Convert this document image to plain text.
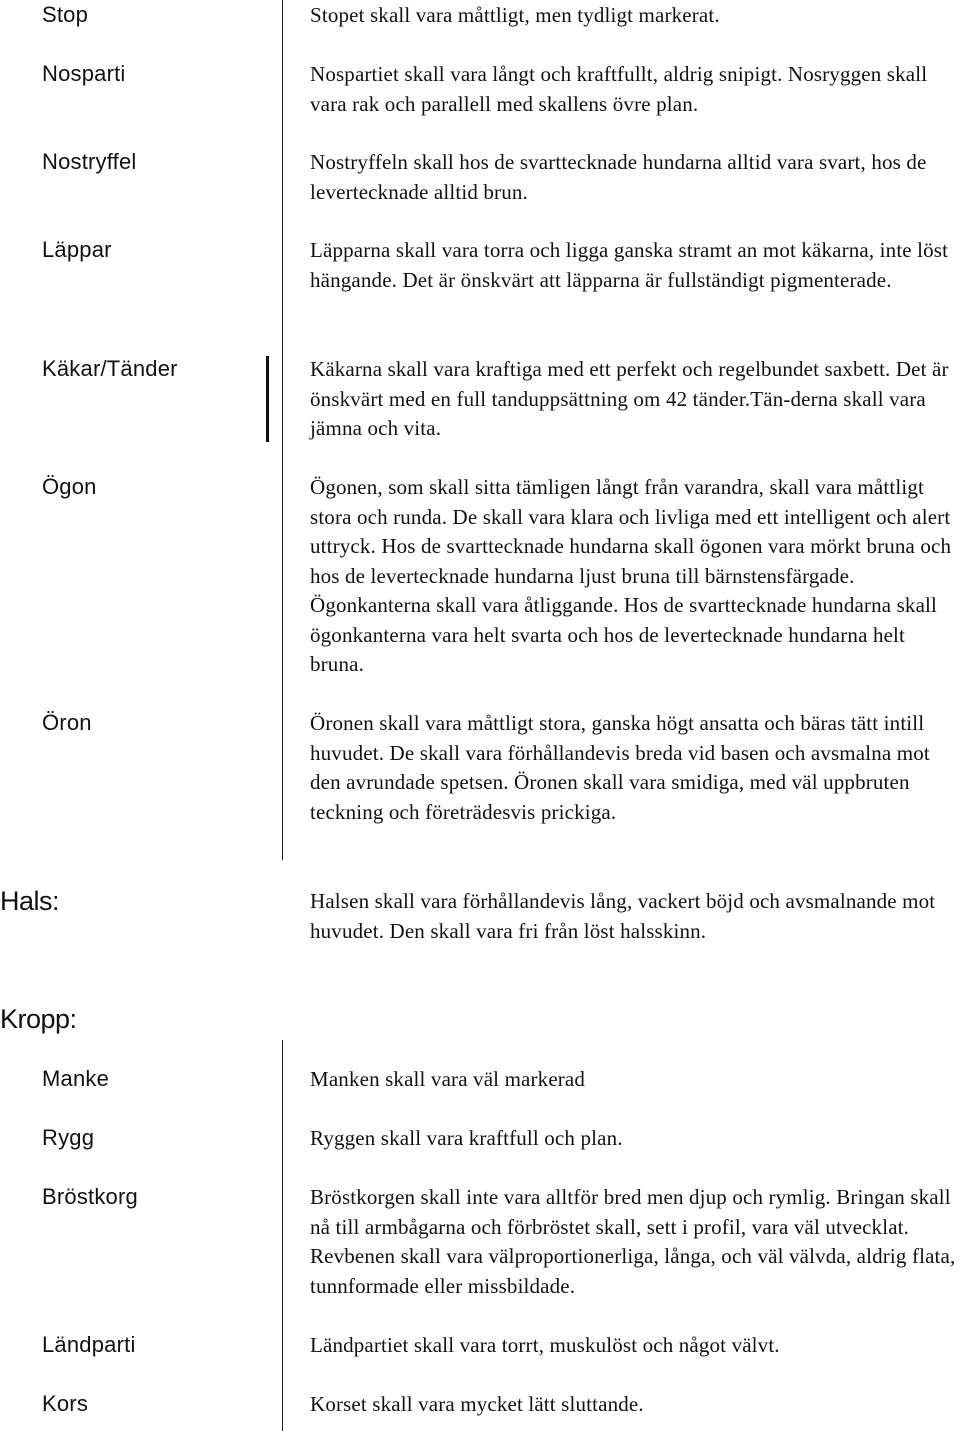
Stop	Stopet skall vara måttligt, men tydligt markerat.
Nosparti	Nospartiet skall vara långt och kraftfullt, aldrig snipigt. Nosryggen skall vara rak och parallell med skallens övre plan.
Nostryffel	Nostryffeln skall hos de svarttecknade hundarna alltid vara svart, hos de levertecknade alltid brun.
Läppar	Läpparna skall vara torra och ligga ganska stramt an mot käkarna, inte löst hängande. Det är önskvärt att läpparna är fullständigt pigmenterade.
Käkar/Tänder	Käkarna skall vara kraftiga med ett perfekt och regelbundet saxbett. Det är önskvärt med en full tanduppsättning om 42 tänder.Tän-derna skall vara jämna och vita.
Ögon	Ögonen, som skall sitta tämligen långt från varandra, skall vara måttligt stora och runda. De skall vara klara och livliga med ett intelligent och alert uttryck. Hos de svarttecknade hundarna skall ögonen vara mörkt bruna och hos de levertecknade hundarna ljust bruna till bärnstensfärgade. Ögonkanterna skall vara åtliggande. Hos de svarttecknade hundarna skall ögonkanterna vara helt svarta och hos de levertecknade hundarna helt bruna.
Öron	Öronen skall vara måttligt stora, ganska högt ansatta och bäras tätt intill huvudet. De skall vara förhållandevis breda vid basen och avsmalna mot den avrundade spetsen. Öronen skall vara smidiga, med väl uppbruten teckning och företrädesvis prickiga.
Hals:	Halsen skall vara förhållandevis lång, vackert böjd och avsmalnande mot huvudet. Den skall vara fri från löst halsskinn.
Kropp:
Manke	Manken skall vara väl markerad
Rygg	Ryggen skall vara kraftfull och plan.
Bröstkorg	Bröstkorgen skall inte vara alltför bred men djup och rymlig. Bringan skall nå till armbågarna och förbröstet skall, sett i profil, vara väl utvecklat. Revbenen skall vara välproportionerliga, långa, och väl välvda, aldrig flata, tunnformade eller missbildade.
Ländparti	Ländpartiet skall vara torrt, muskulöst och något välvt.
Kors	Korset skall vara mycket lätt sluttande.
